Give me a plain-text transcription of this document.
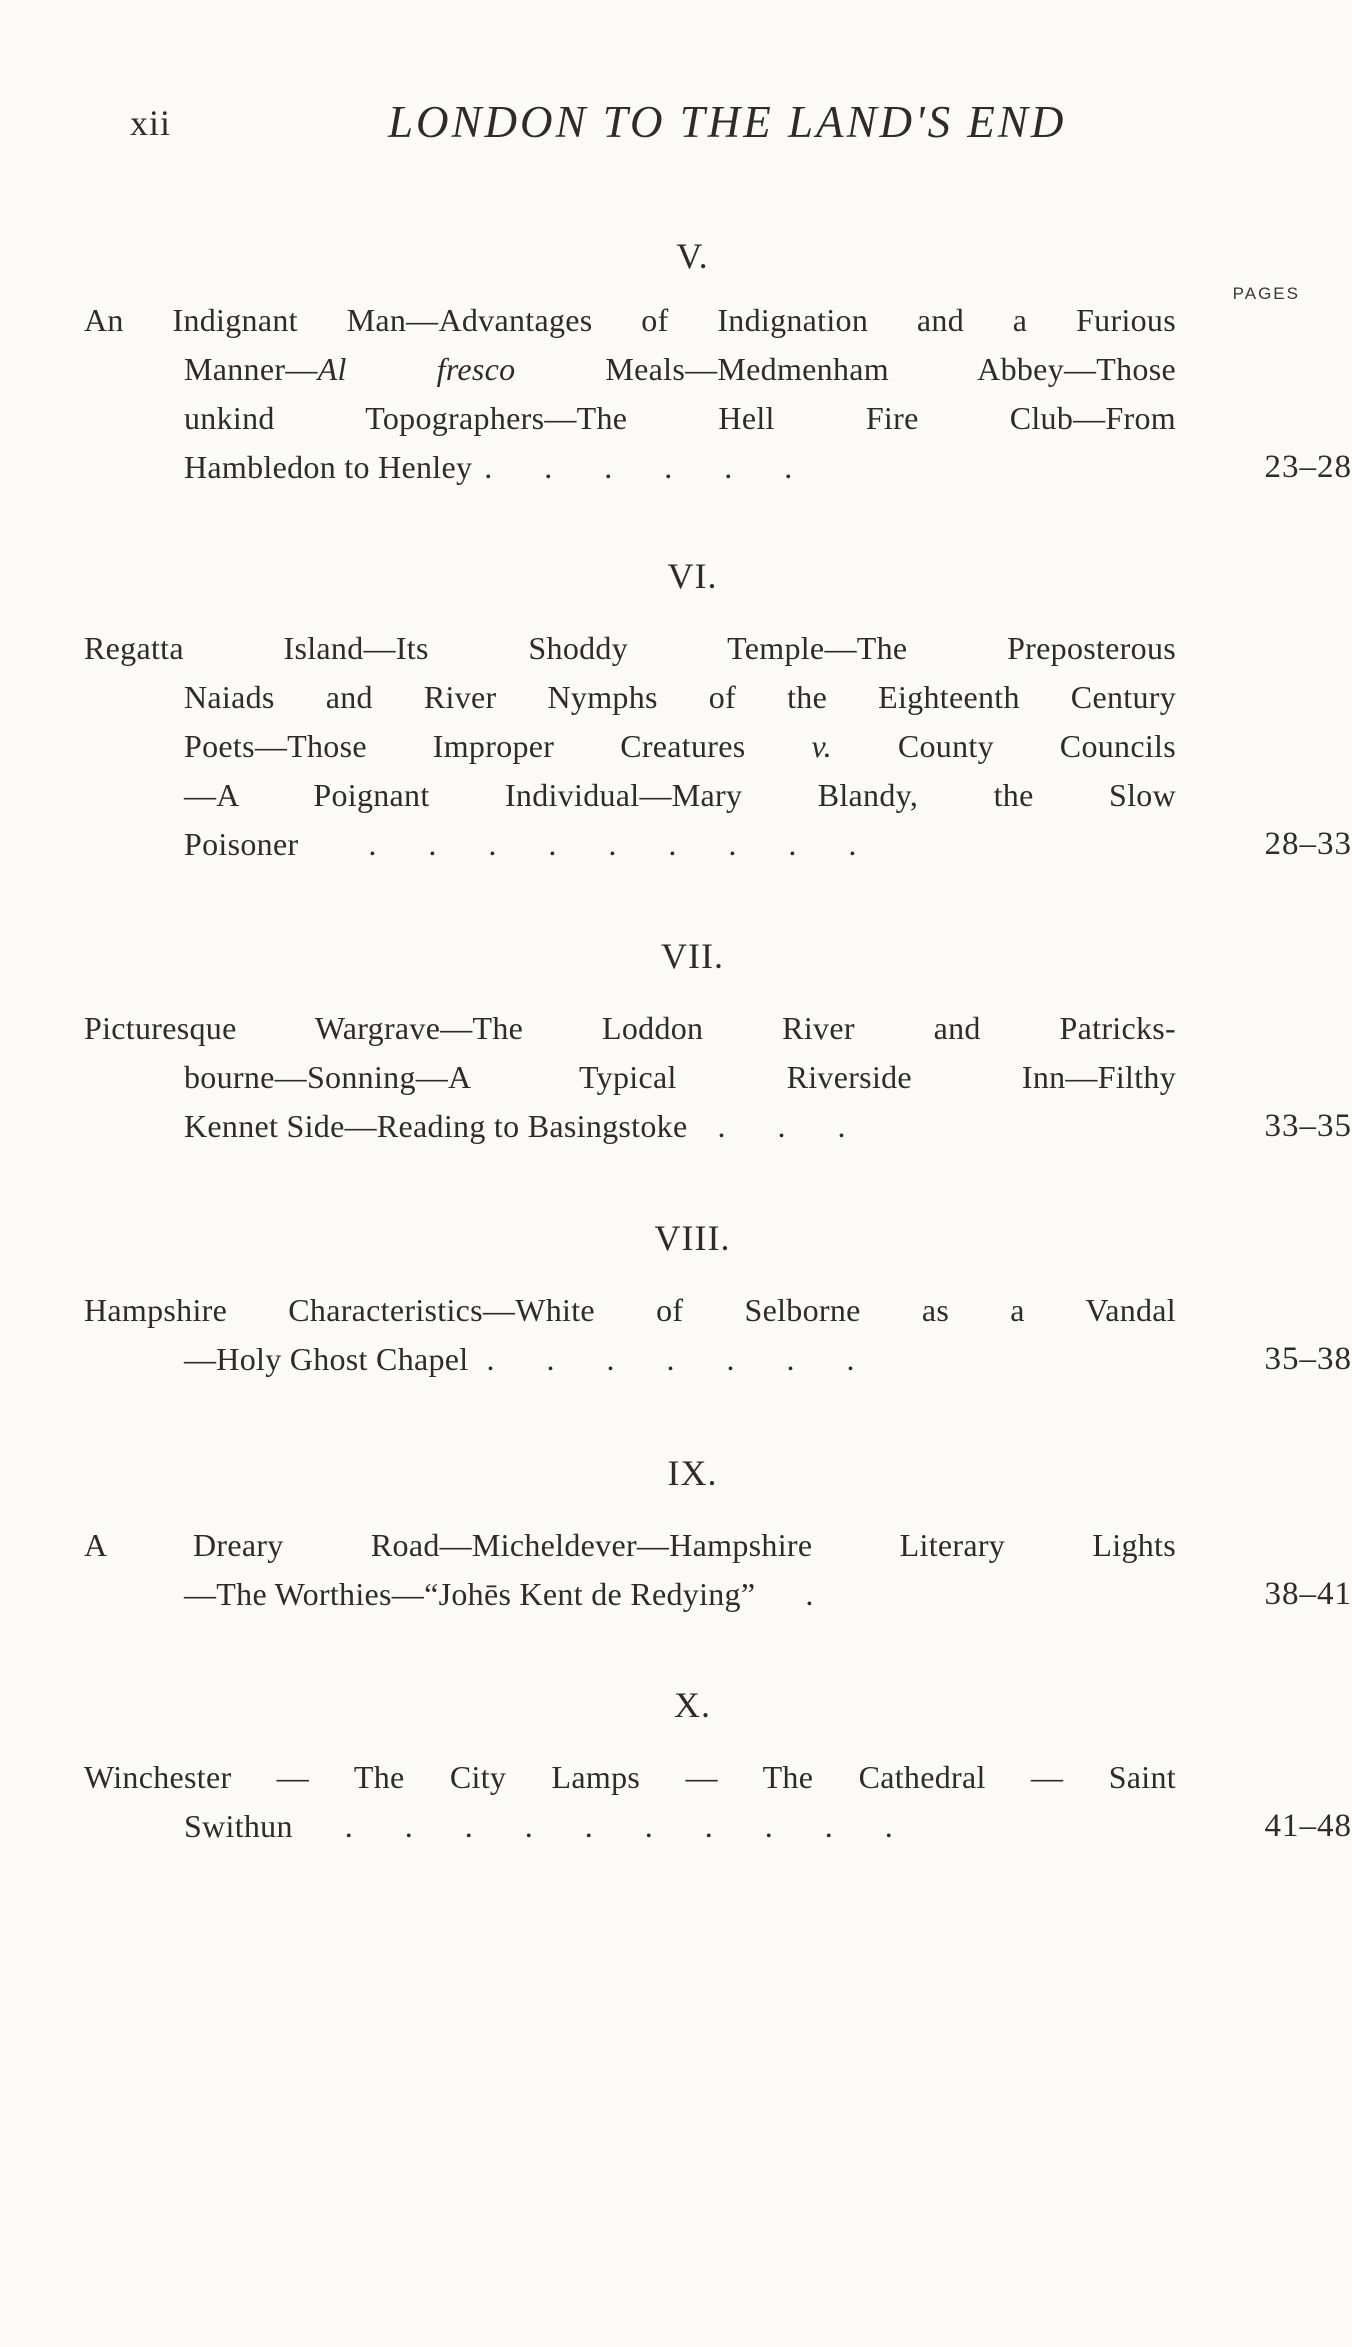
xii	LONDON TO THE LAND'S END
V.
PAGES
An Indignant Man—Advantages of Indignation and a Furious
Manner—Al fresco Meals—Medmenham Abbey—Those
unkind Topographers—The Hell Fire Club—From
Hambledon to Henley . . . . . .	23–28
VI.
Regatta Island—Its Shoddy Temple—The Preposterous
Naiads and River Nymphs of the Eighteenth Century
Poets—Those Improper Creatures v. County Councils
—A Poignant Individual—Mary Blandy, the Slow
Poisoner . . . . . . . . .	28–33
VII.
Picturesque Wargrave—The Loddon River and Patricks-
bourne—Sonning—A Typical Riverside Inn—Filthy
Kennet Side—Reading to Basingstoke . . .	33–35
VIII.
Hampshire Characteristics—White of Selborne as a Vandal
—Holy Ghost Chapel . . . . . . .	35–38
IX.
A Dreary Road—Micheldever—Hampshire Literary Lights
—The Worthies—“Johēs Kent de Redying” .	38–41
X.
Winchester — The City Lamps — The Cathedral — Saint
Swithun . . . . . . . . . .	41–48
